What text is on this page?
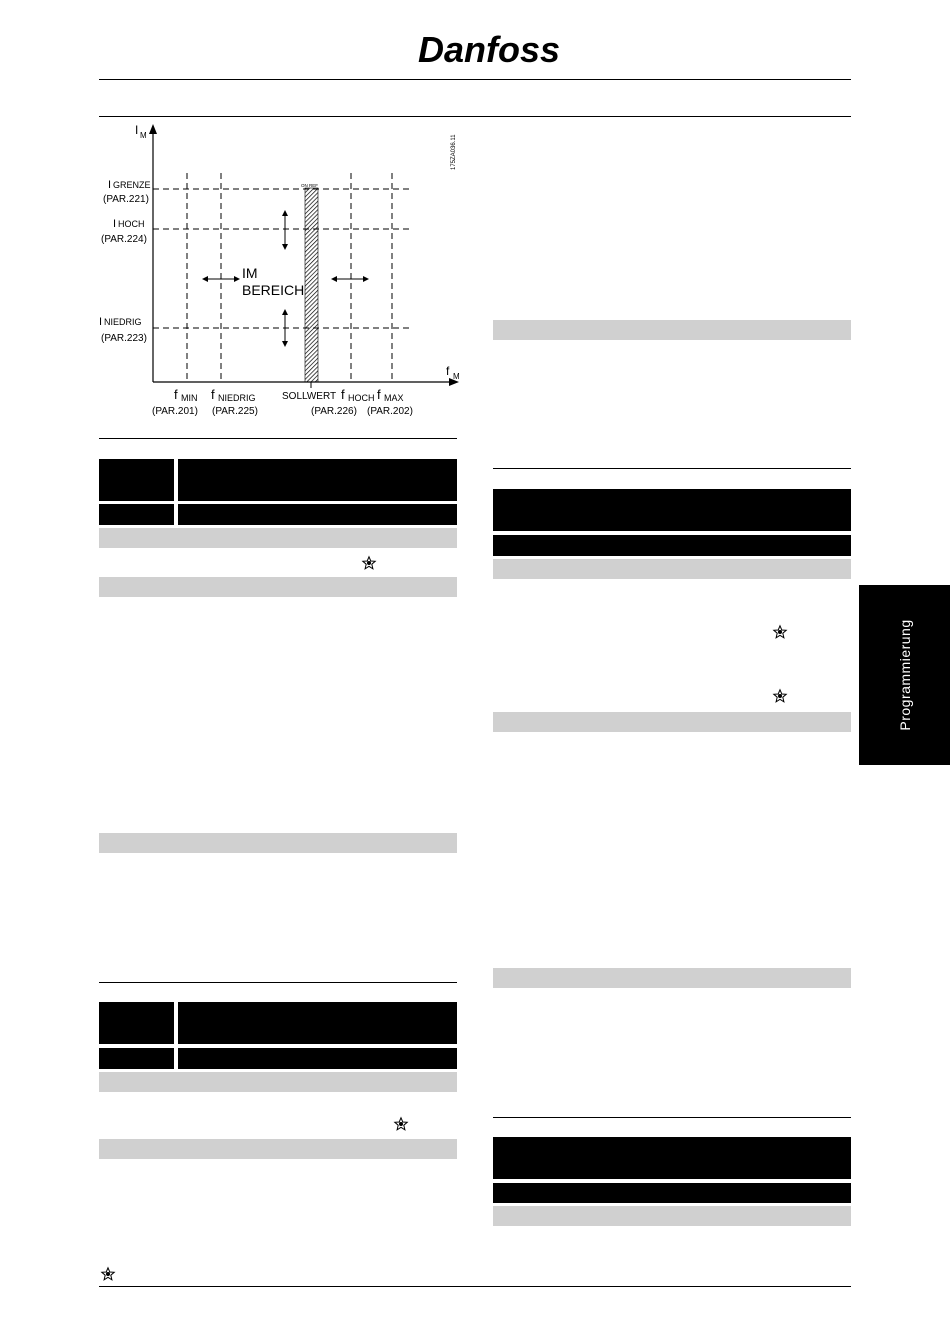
Danfoss
I M
f M
175ZA036.11
ON REF
IM
BEREICH
I GRENZE
(PAR.221)
I HOCH
(PAR.224)
I NIEDRIG
(PAR.223)
f MIN
(PAR.201)
f NIEDRIG
(PAR.225)
SOLLWERT f HOCH
(PAR.226)
f MAX
(PAR.202)
Programmierung
